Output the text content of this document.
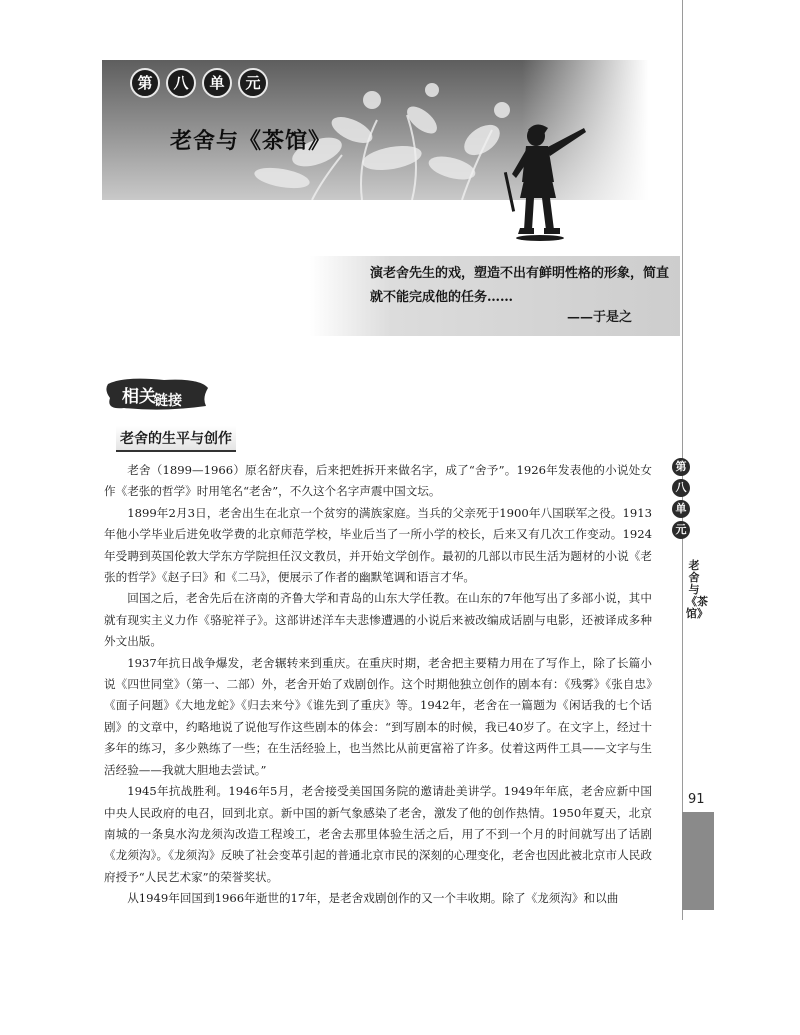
第
八
单
元
老舍与《茶馆》
91
第	八	单	元
老舍与《茶馆》
演老舍先生的戏，塑造不出有鲜明性格的形象，简直就不能完成他的任务……
——于是之
相关
链接
老舍的生平与创作

老舍（1899—1966）原名舒庆春，后来把姓拆开来做名字，成了“舍予”。1926年发表他的小说处女作《老张的哲学》时用笔名“老舍”，不久这个名字声震中国文坛。

1899年2月3日，老舍出生在北京一个贫穷的满族家庭。当兵的父亲死于1900年八国联军之役。1913年他小学毕业后进免收学费的北京师范学校，毕业后当了一所小学的校长，后来又有几次工作变动。1924年受聘到英国伦敦大学东方学院担任汉文教员，并开始文学创作。最初的几部以市民生活为题材的小说《老张的哲学》《赵子曰》和《二马》，便展示了作者的幽默笔调和语言才华。

回国之后，老舍先后在济南的齐鲁大学和青岛的山东大学任教。在山东的7年他写出了多部小说，其中就有现实主义力作《骆驼祥子》。这部讲述洋车夫悲惨遭遇的小说后来被改编成话剧与电影，还被译成多种外文出版。

1937年抗日战争爆发，老舍辗转来到重庆。在重庆时期，老舍把主要精力用在了写作上，除了长篇小说《四世同堂》（第一、二部）外，老舍开始了戏剧创作。这个时期他独立创作的剧本有：《残雾》《张自忠》《面子问题》《大地龙蛇》《归去来兮》《谁先到了重庆》等。1942年，老舍在一篇题为《闲话我的七个话剧》的文章中，约略地说了说他写作这些剧本的体会：“到写剧本的时候，我已40岁了。在文字上，经过十多年的练习，多少熟练了一些；在生活经验上，也当然比从前更富裕了许多。仗着这两件工具——文字与生活经验——我就大胆地去尝试。”

1945年抗战胜利。1946年5月，老舍接受美国国务院的邀请赴美讲学。1949年年底，老舍应新中国中央人民政府的电召，回到北京。新中国的新气象感染了老舍，激发了他的创作热情。1950年夏天，北京南城的一条臭水沟龙须沟改造工程竣工，老舍去那里体验生活之后，用了不到一个月的时间就写出了话剧《龙须沟》。《龙须沟》反映了社会变革引起的普通北京市民的深刻的心理变化，老舍也因此被北京市人民政府授予“人民艺术家”的荣誉奖状。

从1949年回国到1966年逝世的17年，是老舍戏剧创作的又一个丰收期。除了《龙须沟》和以曲
